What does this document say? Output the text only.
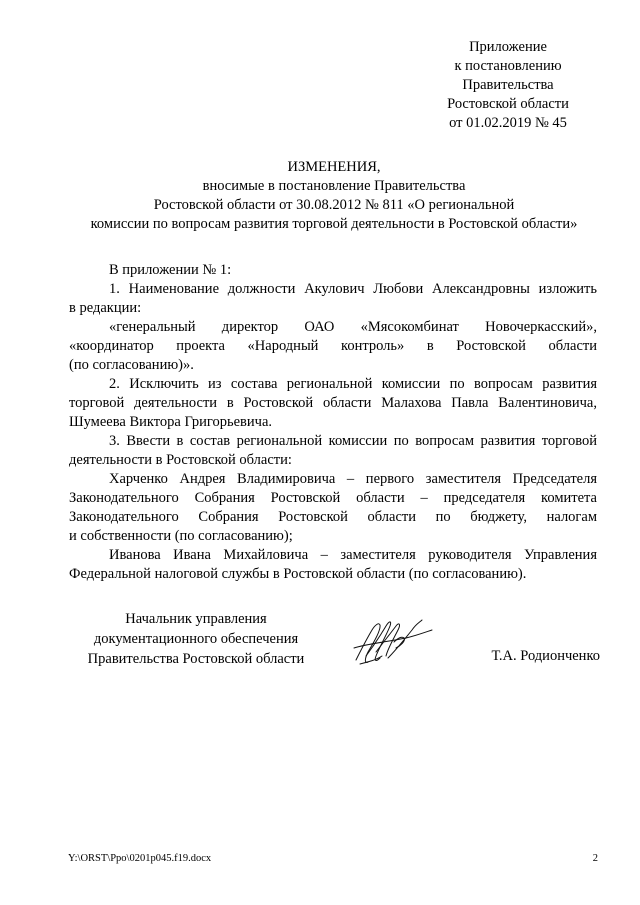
Приложение
к постановлению
Правительства
Ростовской области
от 01.02.2019 № 45
ИЗМЕНЕНИЯ,
вносимые в постановление Правительства
Ростовской области от 30.08.2012 № 811 «О региональной
комиссии по вопросам развития торговой деятельности в Ростовской области»

В приложении № 1:

1. Наименование должности Акулович Любови Александровны изложить

в редакции:

«генеральный директор ОАО «Мясокомбинат Новочеркасский»,

«координатор проекта «Народный контроль» в Ростовской области

(по согласованию)».

2. Исключить из состава региональной комиссии по вопросам развития

торговой деятельности в Ростовской области Малахова Павла Валентиновича,

Шумеева Виктора Григорьевича.

3. Ввести в состав региональной комиссии по вопросам развития торговой

деятельности в Ростовской области:

Харченко Андрея Владимировича – первого заместителя Председателя

Законодательного Собрания Ростовской области – председателя комитета

Законодательного Собрания Ростовской области по бюджету, налогам

и собственности (по согласованию);

Иванова Ивана Михайловича – заместителя руководителя Управления

Федеральной налоговой службы в Ростовской области (по согласованию).

Начальник управления
документационного обеспечения
Правительства Ростовской области	Т.А. Родионченко
Y:\ORST\Ppo\0201p045.f19.docx	2
